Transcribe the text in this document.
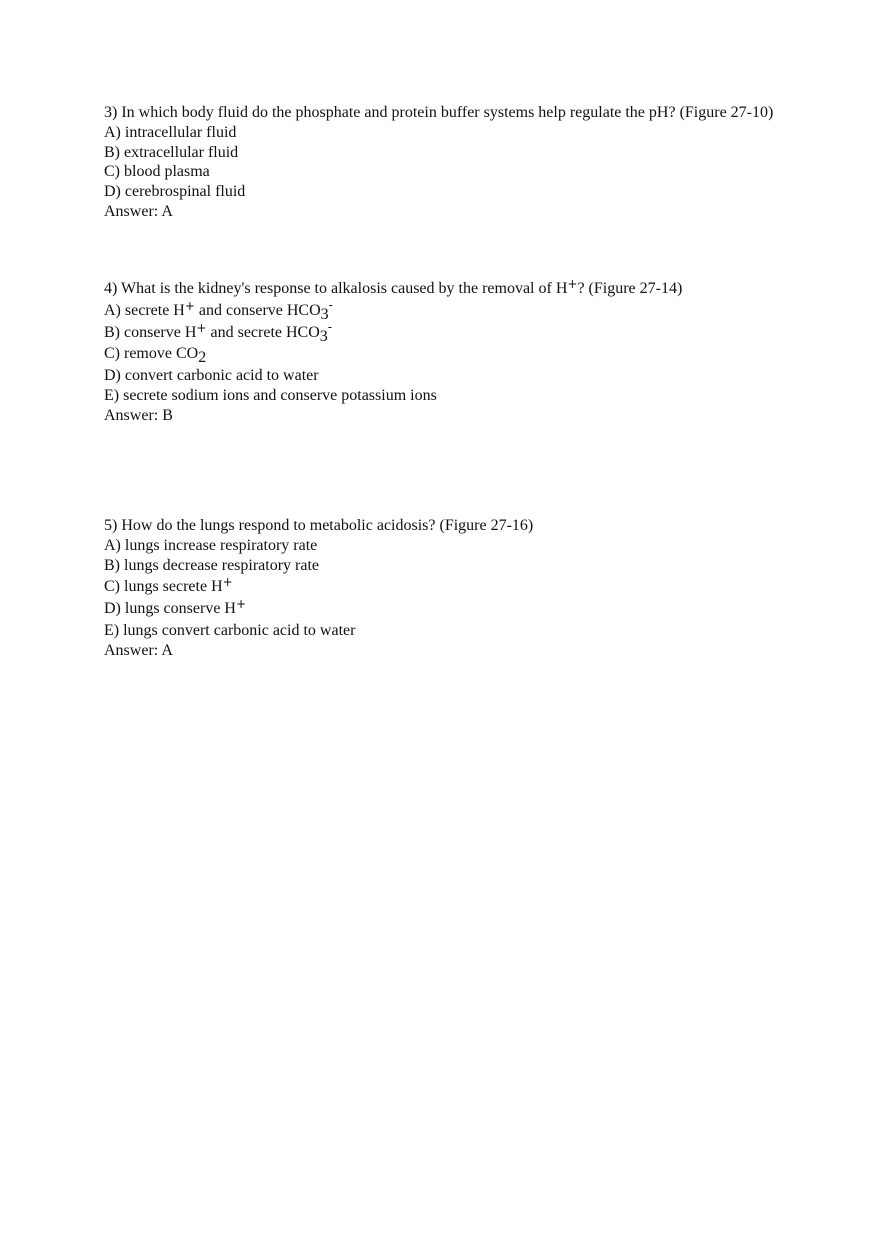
3) In which body fluid do the phosphate and protein buffer systems help regulate the pH? (Figure 27-10)
A) intracellular fluid
B) extracellular fluid
C) blood plasma
D) cerebrospinal fluid
Answer: A
4) What is the kidney's response to alkalosis caused by the removal of H+? (Figure 27-14)
A) secrete H+ and conserve HCO3-
B) conserve H+ and secrete HCO3-
C) remove CO2
D) convert carbonic acid to water
E) secrete sodium ions and conserve potassium ions
Answer: B
5) How do the lungs respond to metabolic acidosis? (Figure 27-16)
A) lungs increase respiratory rate
B) lungs decrease respiratory rate
C) lungs secrete H+
D) lungs conserve H+
E) lungs convert carbonic acid to water
Answer: A
